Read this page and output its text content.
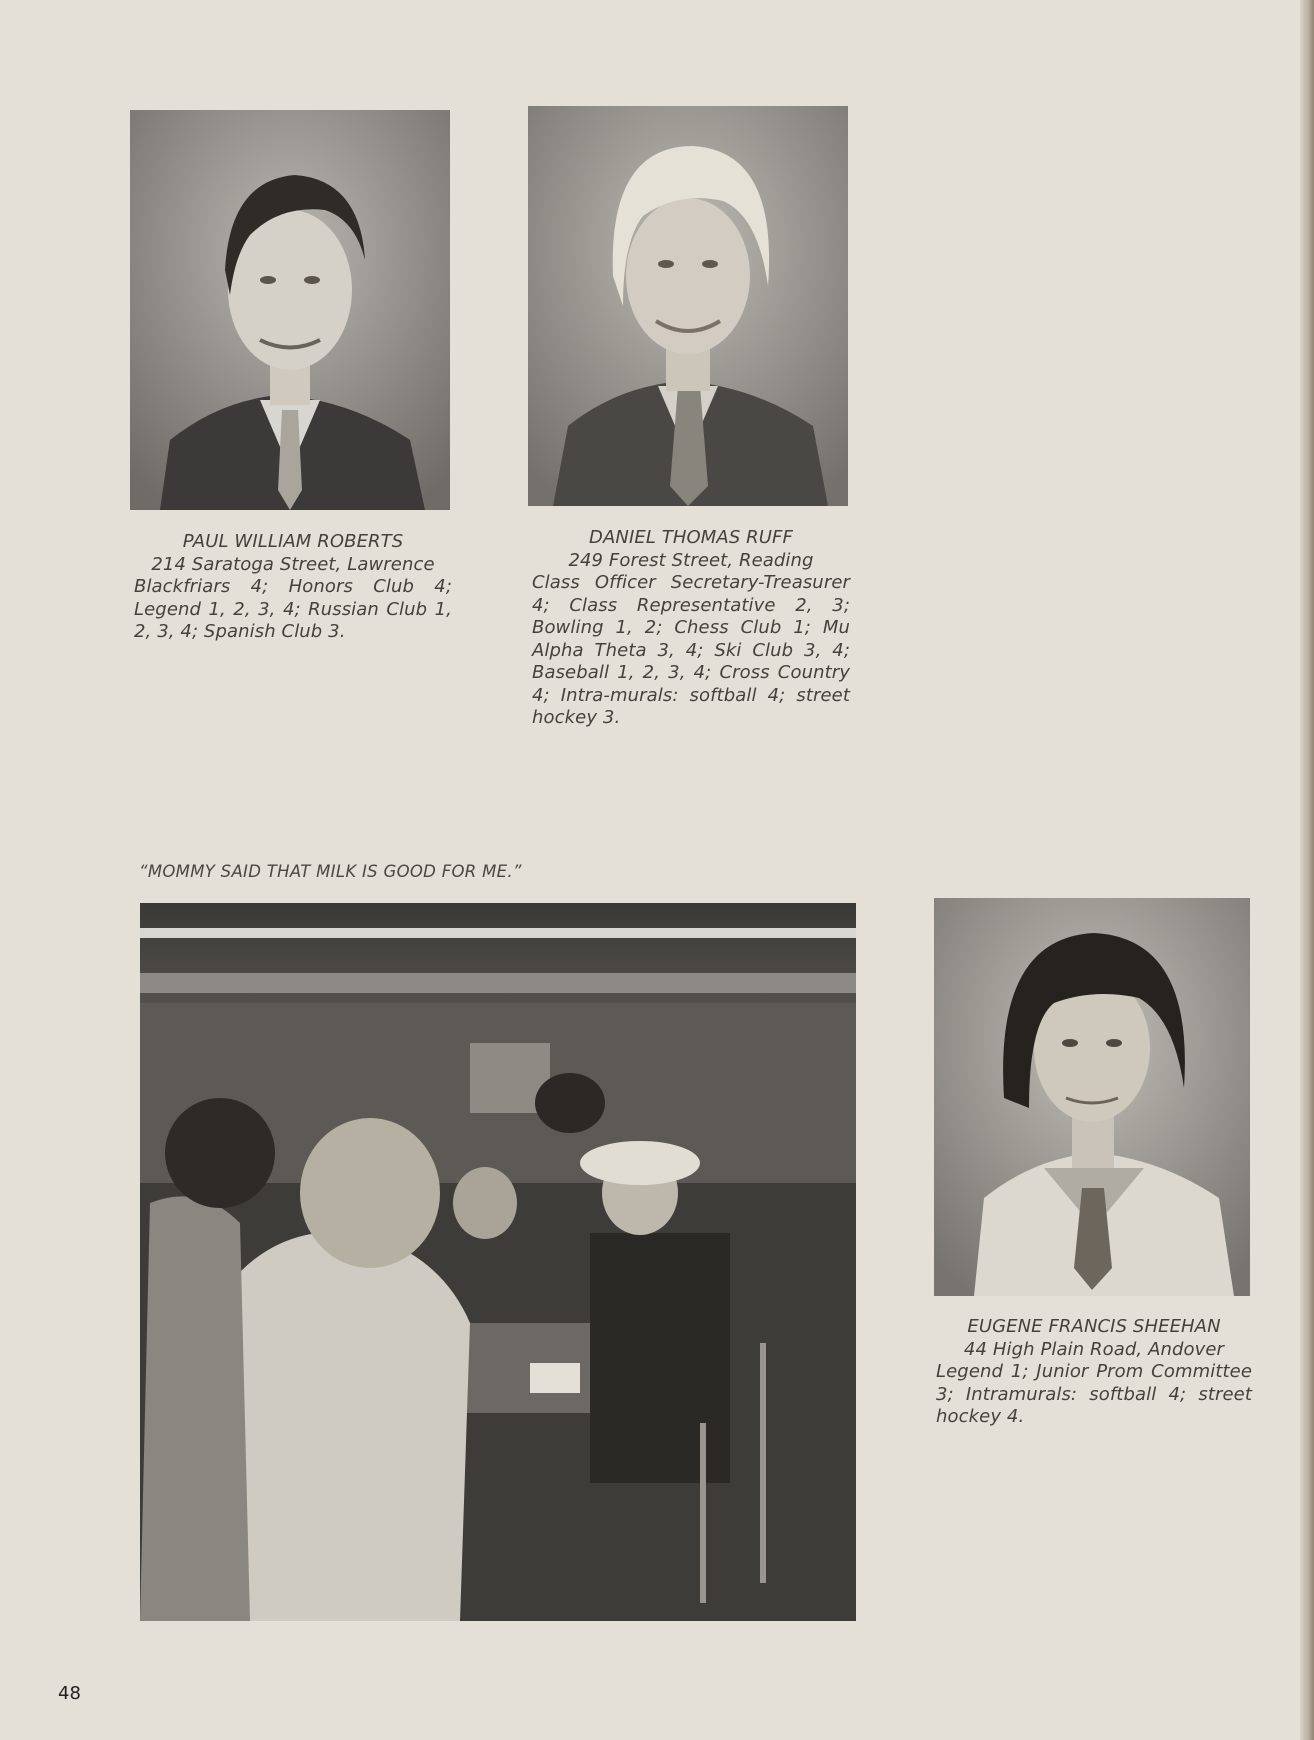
PAUL WILLIAM ROBERTS
214 Saratoga Street, Lawrence
Blackfriars 4; Honors Club 4; Legend 1, 2, 3, 4; Russian Club 1, 2, 3, 4; Spanish Club 3.
DANIEL THOMAS RUFF
249 Forest Street, Reading
Class Officer Secretary-Treasurer 4; Class Representative 2, 3; Bowling 1, 2; Chess Club 1; Mu Alpha Theta 3, 4; Ski Club 3, 4; Baseball 1, 2, 3, 4; Cross Country 4; Intra-murals: softball 4; street hockey 3.
EUGENE FRANCIS SHEEHAN
44 High Plain Road, Andover
Legend 1; Junior Prom Committee 3; Intramurals: softball 4; street hockey 4.
“MOMMY SAID THAT MILK IS GOOD FOR ME.”
48
